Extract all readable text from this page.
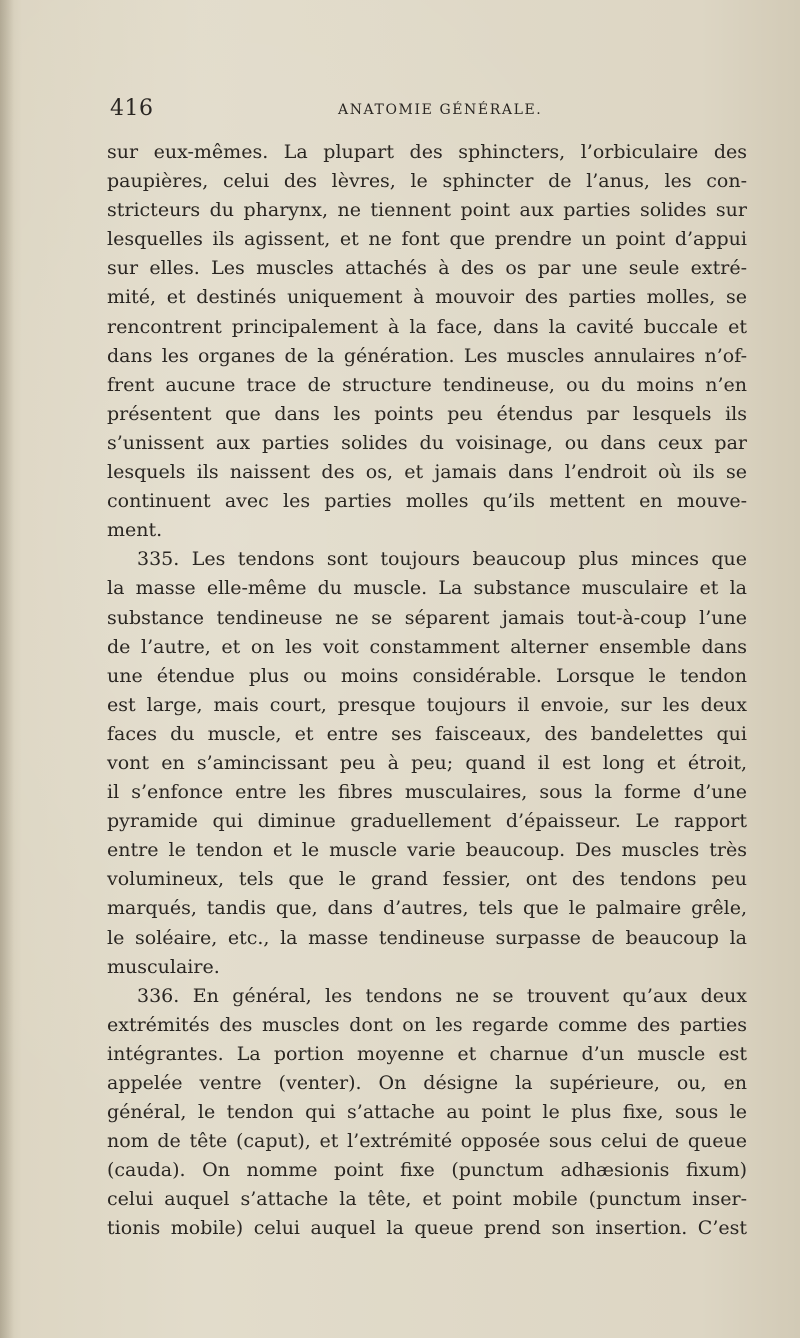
416	ANATOMIE GÉNÉRALE.
sur eux-mêmes. La plupart des sphincters, l’orbiculaire des
paupières, celui des lèvres, le sphincter de l’anus, les con-
stricteurs du pharynx, ne tiennent point aux parties solides sur
lesquelles ils agissent, et ne font que prendre un point d’appui
sur elles. Les muscles attachés à des os par une seule extré-
mité, et destinés uniquement à mouvoir des parties molles, se
rencontrent principalement à la face, dans la cavité buccale et
dans les organes de la génération. Les muscles annulaires n’of-
frent aucune trace de structure tendineuse, ou du moins n’en
présentent que dans les points peu étendus par lesquels ils
s’unissent aux parties solides du voisinage, ou dans ceux par
lesquels ils naissent des os, et jamais dans l’endroit où ils se
continuent avec les parties molles qu’ils mettent en mouve-
ment.
335. Les tendons sont toujours beaucoup plus minces que
la masse elle-même du muscle. La substance musculaire et la
substance tendineuse ne se séparent jamais tout-à-coup l’une
de l’autre, et on les voit constamment alterner ensemble dans
une étendue plus ou moins considérable. Lorsque le tendon
est large, mais court, presque toujours il envoie, sur les deux
faces du muscle, et entre ses faisceaux, des bandelettes qui
vont en s’amincissant peu à peu; quand il est long et étroit,
il s’enfonce entre les fibres musculaires, sous la forme d’une
pyramide qui diminue graduellement d’épaisseur. Le rapport
entre le tendon et le muscle varie beaucoup. Des muscles très
volumineux, tels que le grand fessier, ont des tendons peu
marqués, tandis que, dans d’autres, tels que le palmaire grêle,
le soléaire, etc., la masse tendineuse surpasse de beaucoup la
musculaire.
336. En général, les tendons ne se trouvent qu’aux deux
extrémités des muscles dont on les regarde comme des parties
intégrantes. La portion moyenne et charnue d’un muscle est
appelée ventre (venter). On désigne la supérieure, ou, en
général, le tendon qui s’attache au point le plus fixe, sous le
nom de tête (caput), et l’extrémité opposée sous celui de queue
(cauda). On nomme point fixe (punctum adhæsionis fixum)
celui auquel s’attache la tête, et point mobile (punctum inser-
tionis mobile) celui auquel la queue prend son insertion. C’est
